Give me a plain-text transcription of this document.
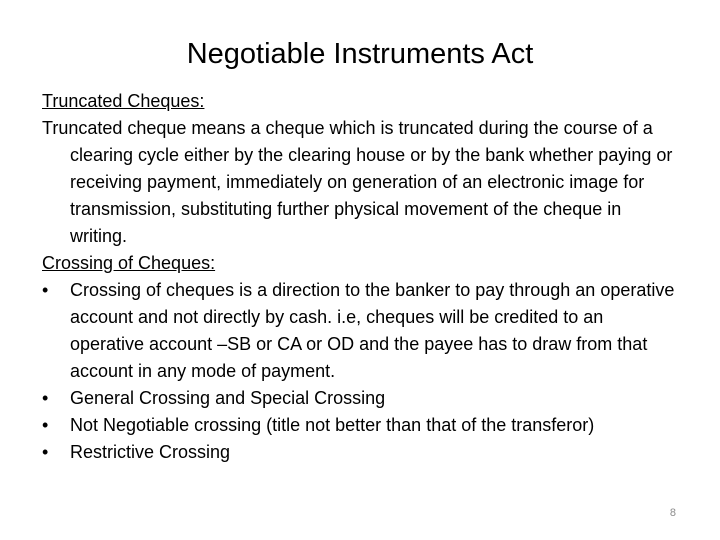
Negotiable Instruments Act
Truncated Cheques:
Truncated cheque means a cheque which is truncated during the course of a clearing cycle either by the clearing house or by the bank whether paying or receiving payment, immediately on generation of an electronic image for transmission, substituting further physical movement of the cheque in writing.
Crossing of Cheques:
•	Crossing of cheques is a direction to the banker to pay through an operative account and not directly by cash. i.e, cheques will be credited to an operative account –SB or CA or OD and the payee has to draw from that account in any mode of payment.
•	General Crossing and Special Crossing
•	Not Negotiable crossing (title not better than that of the transferor)
•	Restrictive Crossing
8
